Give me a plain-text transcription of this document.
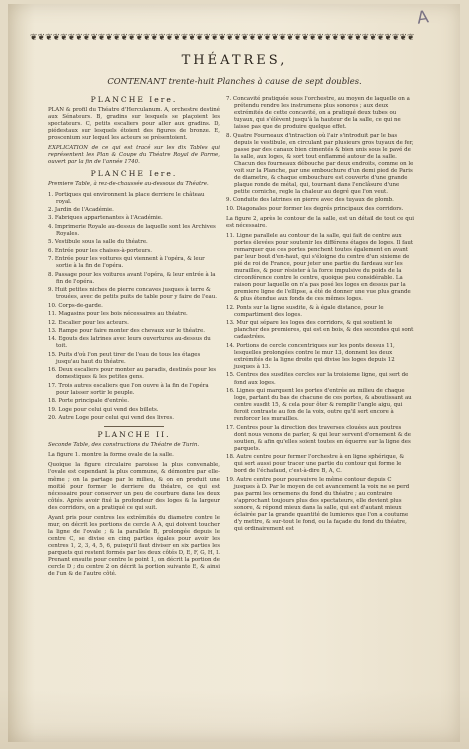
A
❦❦❦❦❦❦❦❦❦❦❦❦❦❦❦❦❦❦❦❦❦❦❦❦❦❦❦❦❦❦❦❦❦❦❦❦❦❦❦❦❦❦❦❦❦❦❦❦❦❦❦
THÉATRES,
CONTENANT trente-huit Planches à cause de sept doubles.
PLANCHE Iere.
PLAN & profil du Théatre d'Herculanum. A, orchestre destiné aux Sénateurs. B, gradins sur lesquels se plaçoient les spectateurs. C, petits escaliers pour aller aux gradins. D, piédestaux sur lesquels étoient des figures de bronze. E, proscenium sur lequel les acteurs se présentoient.
EXPLICATION de ce qui est tracé sur les dix Tables qui représentent les Plan & Coupe du Théatre Royal de Parme, ouvert par la fin de l'année 1740.
PLANCHE Iere.
Premiere Table, à rez-de-chaussée au-dessous du Théatre.
1. Portiques qui environnent la place derriere le château royal.
2. Jardin de l'Académie.
3. Fabriques appartenantes à l'Académie.
4. Imprimerie Royale au-dessus de laquelle sont les Archives Royales.
5. Vestibule sous la salle du théatre.
6. Entrée pour les chaises-à-porteurs.
7. Entrée pour les voitures qui viennent à l'opéra, & leur sortie à la fin de l'opéra.
8. Passage pour les voitures avant l'opéra, & leur entrée à la fin de l'opéra.
9. Huit petites niches de pierre concaves jusques à terre & trouées, avec de petits puits de table pour y faire de l'eau.
10. Corps-de-garde.
11. Magasins pour les bois nécessaires au théatre.
12. Escalier pour les acteurs.
13. Rampe pour faire monter des chevaux sur le théatre.
14. Egouts des latrines avec leurs ouvertures au-dessus du toit.
15. Puits d'où l'on peut tirer de l'eau de tous les étages jusqu'au haut du théatre.
16. Deux escaliers pour monter au paradis, destinés pour les domestiques & les petites gens.
17. Trois autres escaliers que l'on ouvre à la fin de l'opéra pour laisser sortir le peuple.
18. Porte principale d'entrée.
19. Loge pour celui qui vend des billets.
20. Autre Loge pour celui qui vend des livres.
PLANCHE II.
Seconde Table, des constructions du Théatre de Turin.
La figure 1. montre la forme ovale de la salle.
Quoique la figure circulaire paroisse la plus convenable, l'ovale est cependant la plus commune, & démontre par elle-même ; on la partage par le milieu, & on en produit une moitié pour former le derriere du théatre, ce qui est nécessaire pour conserver un peu de courbure dans les deux côtés. Après avoir fixé la profondeur des loges & la largeur des corridors, on a pratiqué ce qui suit.
Ayant pris pour centres les extrémités du diametre contre le mur, on décrit les portions de cercle A A, qui doivent toucher la ligne de l'ovale ; & la parallele B, prolongée depuis le centre C, se divise en cinq parties égales pour avoir les centres 1, 2, 3, 4, 5, 6, puisqu'il faut diviser en six parties les parquets qui restent formés par les deux côtés D, E, F, G, H, I. Prenant ensuite pour centre le point 1, on décrit la portion de cercle D ; du centre 2 on décrit la portion suivante E, & ainsi de l'un & de l'autre côté.
7. Concavité pratiquée sous l'orchestre, au moyen de laquelle on a prétendu rendre les instrumens plus sonores ; aux deux extrémités de cette concavité, on a pratiqué deux tubes ou tuyaux, qui s'élèvent jusqu'à la hauteur de la salle, ce qui ne laisse pas que de produire quelque effet.
8. Quatre Fourneaux d'intraction où l'air s'introduit par le bas depuis le vestibule, en circulant par plusieurs gros tuyaux de fer, passe par des canaux bien cimentés & bien unis sous le pavé de la salle, aux loges, & sort tout enflammé autour de la salle. Chacun des fourneaux débouche par deux endroits, comme on le voit sur la Planche, par une embouchure d'un demi pied de Paris de diametre, & chaque embouchure est couverte d'une grande plaque ronde de métal, qui, tournant dans l'enclâsure d'une petite corniche, regle la chaleur au degré que l'on veut.
9. Conduite des latrines en pierre avec des tuyaux de plomb.
10. Diagonales pour former les degrés principaux des corridors.
La figure 2, après le contour de la salle, est un détail de tout ce qui est nécessaire.
11. Ligne parallele au contour de la salle, qui fait de centre aux portes élevées pour soutenir les différens étages de loges. Il faut remarquer que ces portes penchent toutes également en avant par leur bout d'en-haut, qui s'éloigne du centre d'un sixieme de pié de roi de France, pour jeter une partie du fardeau sur les murailles, & pour résister à la force impulsive du poids de la circonférence contre le centre, quoique peu considérable. La raison pour laquelle on n'a pas posé les loges en dessus par la premiere ligne de l'ellipse, a été de donner une vue plus grande & plus étendue aux fonds de ces mêmes loges.
12. Ponts sur la ligne susdite, & à égale distance, pour le compartiment des loges.
13. Mur qui sépare les loges des corridors, & qui soutient le plancher des premieres, qui est en bois, & des secondes qui sont cadastrées.
14. Portions de cercle concentriques sur les ponts dessus 11, lesquelles prolongées contre le mur 13, donnent les deux extrémités de la ligne droite qui divise les loges depuis 12 jusques à 13.
15. Centres des susdites cercles sur la troisieme ligne, qui sert de fond aux loges.
16. Lignes qui marquent les portes d'entrée au milieu de chaque loge, partant du bas de chacune de ces portes, & aboutissant au centre susdit 15, & cela pour ôter & remplir l'angle aigu, qui feroit contraste au fon de la voix, outre qu'il sert encore à renforcer les murailles.
17. Centres pour la direction des traverses clouées aux poutres dont nous venons de parler, & qui leur servent d'ornement & de soutien, & afin qu'elles soient toutes en équerre sur la ligne des parquets.
18. Autre centre pour fermer l'orchestre à en ligne sphérique, & qui sert aussi pour tracer une partie du contour qui forme le bord de l'échafaud, c'est-à-dire B, A, C.
19. Autre centre pour poursuivre le même contour depuis C jusques à D. Par le moyen de cet avancement la voix ne se perd pas parmi les ornemens du fond du théatre ; au contraire s'approchant toujours plus des spectateurs, elle devient plus sonore, & répond mieux dans la salle, qui est d'autant mieux éclairée par la grande quantité de lumieres que l'on a coutume d'y mettre, & sur-tout le fond, ou la façade du fond du théatre, qui ordinairement est
